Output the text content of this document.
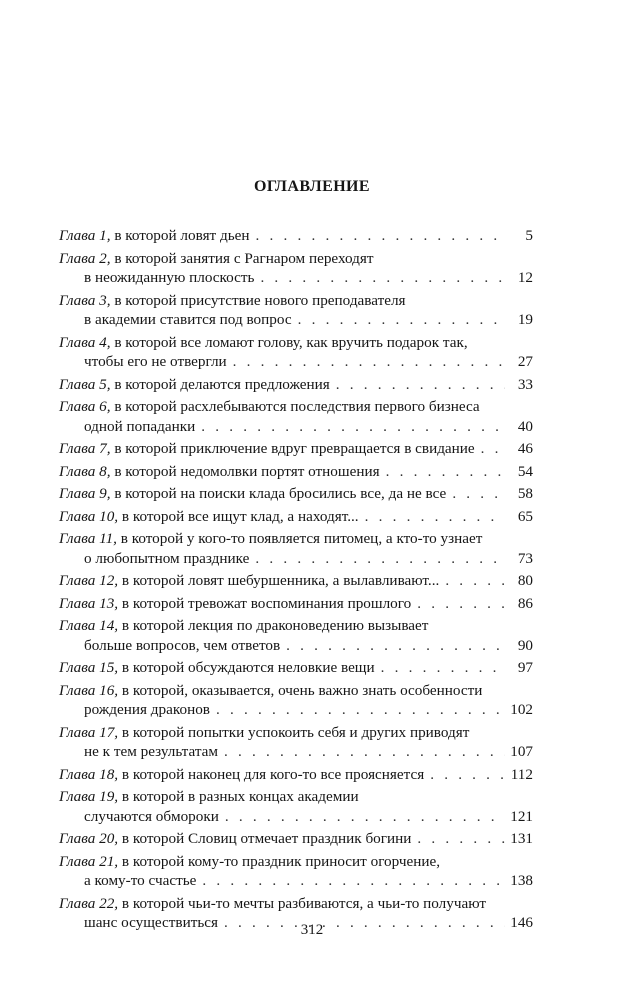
ОГЛАВЛЕНИЕ
Глава 1, в которой ловят дьен . . .	5
Глава 2, в которой занятия с Рагнаром переходят
в неожиданную плоскость . . .	12
Глава 3, в которой присутствие нового преподавателя
в академии ставится под вопрос . . .	19
Глава 4, в которой все ломают голову, как вручить подарок так,
чтобы его не отвергли . . .	27
Глава 5, в которой делаются предложения . . .	33
Глава 6, в которой расхлебываются последствия первого бизнеса
одной попаданки . . .	40
Глава 7, в которой приключение вдруг превращается в свидание . . .	46
Глава 8, в которой недомолвки портят отношения . . .	54
Глава 9, в которой на поиски клада бросились все, да не все . . .	58
Глава 10, в которой все ищут клад, а находят... . . .	65
Глава 11, в которой у кого-то появляется питомец, а кто-то узнает
о любопытном празднике . . .	73
Глава 12, в которой ловят шебуршенника, а вылавливают... . . .	80
Глава 13, в которой тревожат воспоминания прошлого . . .	86
Глава 14, в которой лекция по драконоведению вызывает
больше вопросов, чем ответов . . .	90
Глава 15, в которой обсуждаются неловкие вещи . . .	97
Глава 16, в которой, оказывается, очень важно знать особенности
рождения драконов . . .	102
Глава 17, в которой попытки успокоить себя и других приводят
не к тем результатам . . .	107
Глава 18, в которой наконец для кого-то все проясняется . . .	112
Глава 19, в которой в разных концах академии
случаются обмороки . . .	121
Глава 20, в которой Словиц отмечает праздник богини . . .	131
Глава 21, в которой кому-то праздник приносит огорчение,
а кому-то счастье . . .	138
Глава 22, в которой чьи-то мечты разбиваются, а чьи-то получают
шанс осуществиться . . .	146
312
